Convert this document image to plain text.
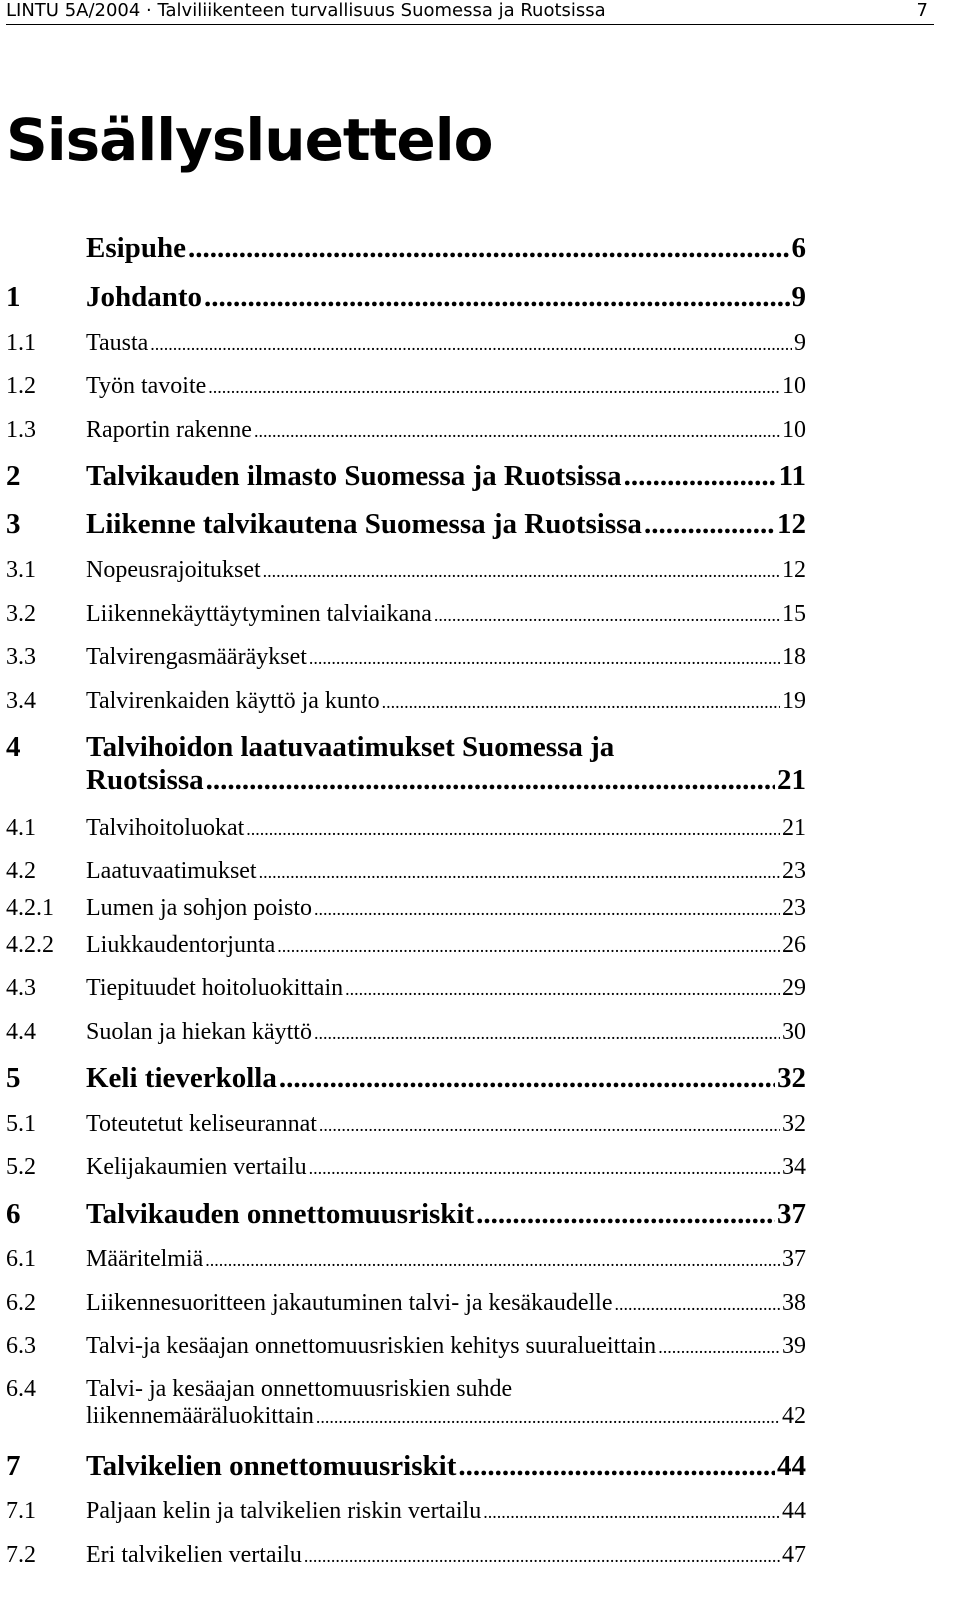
LINTU 5A/2004 · Talviliikenteen turvallisuus Suomessa ja Ruotsissa	7
Sisällysluettelo
Esipuhe .....	6
1	Johdanto .....	9
1.1	Tausta .....	9
1.2	Työn tavoite .....	10
1.3	Raportin rakenne .....	10
2	Talvikauden ilmasto Suomessa ja Ruotsissa .....	11
3	Liikenne talvikautena Suomessa ja Ruotsissa .....	12
3.1	Nopeusrajoitukset .....	12
3.2	Liikennekäyttäytyminen talviaikana .....	15
3.3	Talvirengasmääräykset .....	18
3.4	Talvirenkaiden käyttö ja kunto .....	19
4	Talvihoidon laatuvaatimukset Suomessa ja
Ruotsissa .....	21
4.1	Talvihoitoluokat .....	21
4.2	Laatuvaatimukset .....	23
4.2.1	Lumen ja sohjon poisto .....	23
4.2.2	Liukkaudentorjunta .....	26
4.3	Tiepituudet hoitoluokittain .....	29
4.4	Suolan ja hiekan käyttö .....	30
5	Keli tieverkolla .....	32
5.1	Toteutetut keliseurannat .....	32
5.2	Kelijakaumien vertailu .....	34
6	Talvikauden onnettomuusriskit .....	37
6.1	Määritelmiä .....	37
6.2	Liikennesuoritteen jakautuminen talvi- ja kesäkaudelle .....	38
6.3	Talvi-ja kesäajan onnettomuusriskien kehitys suuralueittain .....	39
6.4	Talvi- ja kesäajan onnettomuusriskien suhde
liikennemääräluokittain .....	42
7	Talvikelien onnettomuusriskit .....	44
7.1	Paljaan kelin ja talvikelien riskin vertailu .....	44
7.2	Eri talvikelien vertailu .....	47
